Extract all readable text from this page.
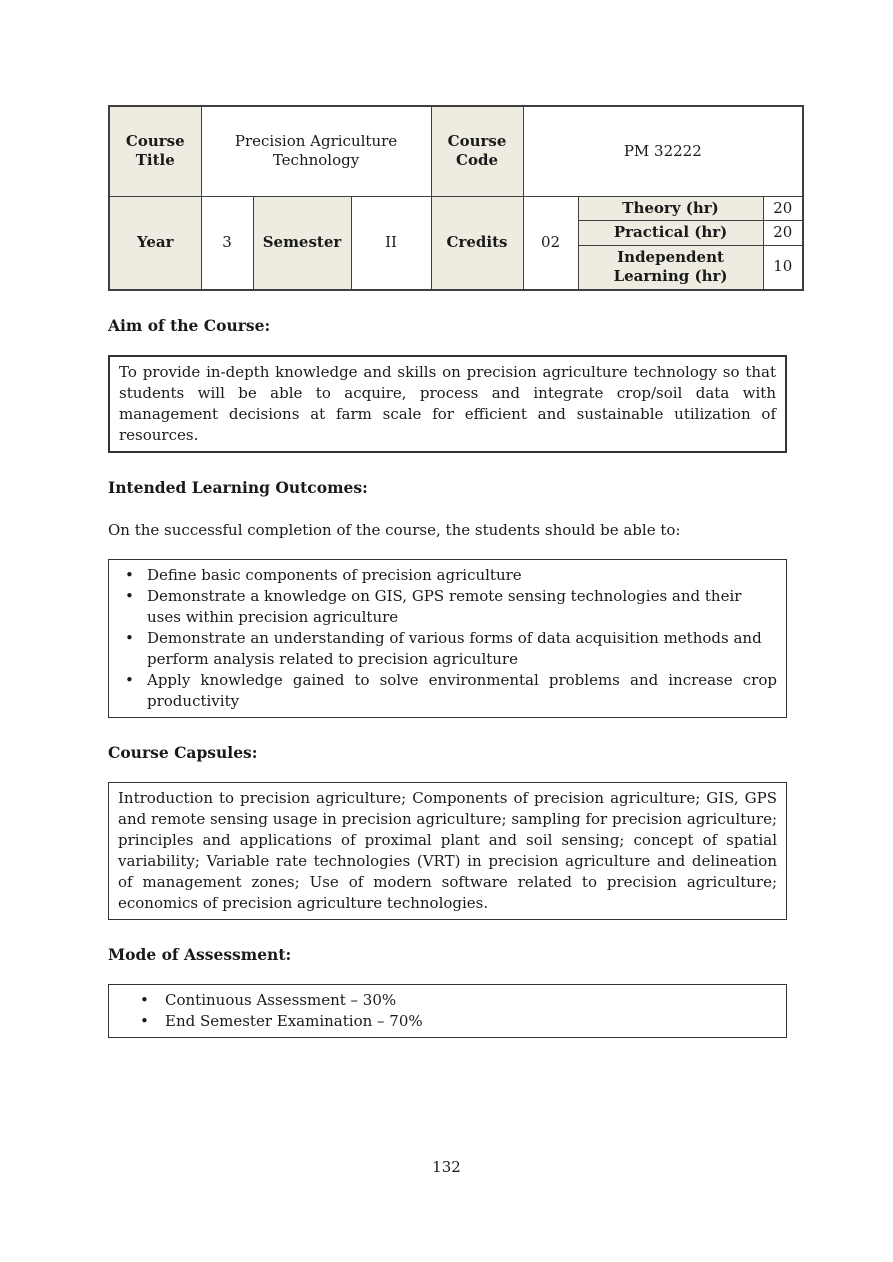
Course Title	Precision Agriculture Technology			Course Code	PM 32222		
Year	3	Semester	II	Credits	02	Theory (hr)	20
						Practical (hr)	20
						Independent Learning (hr)	10
Aim of the Course:
To provide in-depth knowledge and skills on precision agriculture technology so that students will be able to acquire, process and integrate crop/soil data with management decisions at farm scale for efficient and sustainable utilization of resources.
Intended Learning Outcomes:
On the successful completion of the course, the students should be able to:
• Define basic components of precision agriculture
• Demonstrate a knowledge on GIS, GPS remote sensing technologies and their uses within precision agriculture
• Demonstrate an understanding of various forms of data acquisition methods and perform analysis related to precision agriculture
• Apply knowledge gained to solve environmental problems and increase crop productivity
Course Capsules:
Introduction to precision agriculture; Components of precision agriculture; GIS, GPS and remote sensing usage in precision agriculture; sampling for precision agriculture; principles and applications of proximal plant and soil sensing; concept of spatial variability; Variable rate technologies (VRT) in precision agriculture and delineation of management zones; Use of modern software related to precision agriculture; economics of precision agriculture technologies.
Mode of Assessment:
• Continuous Assessment – 30%
• End Semester Examination – 70%
132
